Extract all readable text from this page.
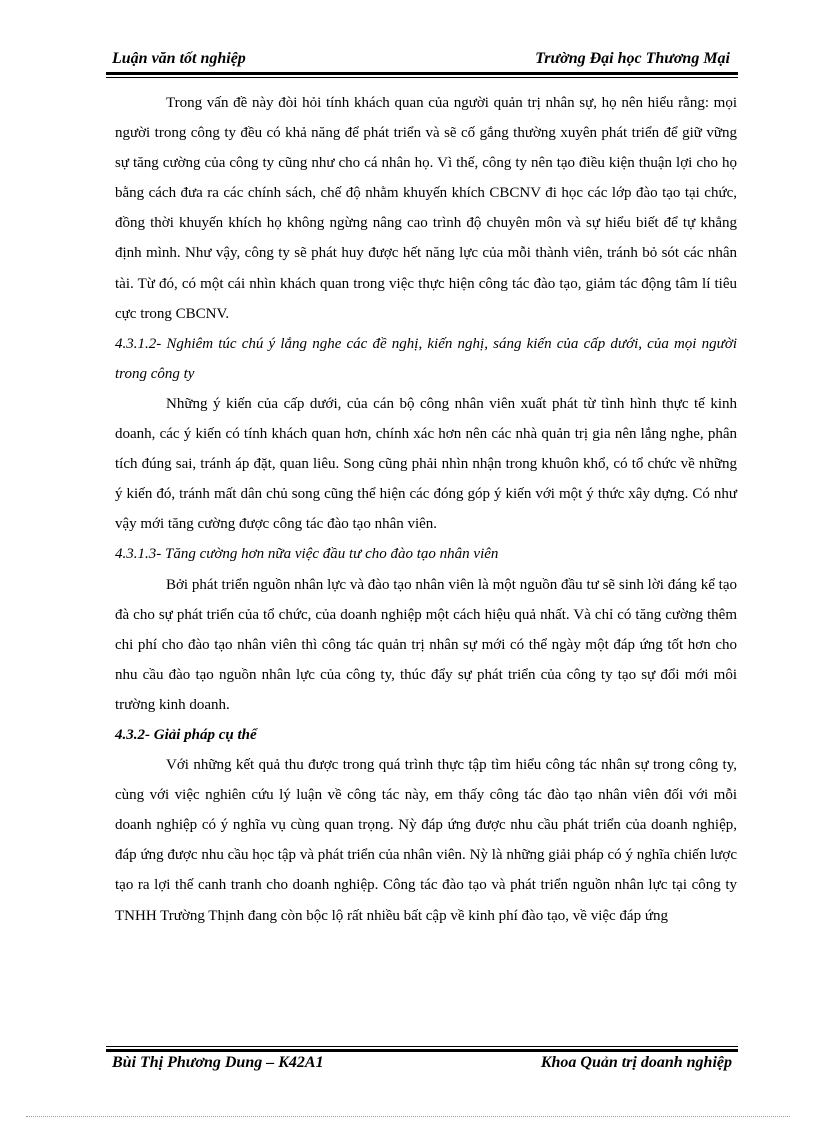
Luận văn tốt nghiệp	Trường Đại học Thương Mại

Trong vấn đề này đòi hỏi tính khách quan của người quản trị nhân sự, họ nên hiểu rằng: mọi người trong công ty đều có khả năng để phát triển và sẽ cố gắng thường xuyên phát triển để giữ vững sự tăng cường của công ty cũng như cho cá nhân họ. Vì thế, công ty nên tạo điều kiện thuận lợi cho họ bằng cách đưa ra các chính sách, chế độ nhằm khuyến khích CBCNV đi học các lớp đào tạo tại chức, đồng thời khuyến khích họ không ngừng nâng cao trình độ chuyên môn và sự hiểu biết để tự khẳng định mình. Như vậy, công ty sẽ phát huy được hết năng lực của mỗi thành viên, tránh bỏ sót các nhân tài. Từ đó, có một cái nhìn khách quan trong việc thực hiện công tác đào tạo, giảm tác động tâm lí tiêu cực trong CBCNV.

4.3.1.2- Nghiêm túc chú ý lắng nghe các đề nghị, kiến nghị, sáng kiến của cấp dưới, của mọi người trong công ty

Những ý kiến của cấp dưới, của cán bộ công nhân viên xuất phát từ tình hình thực tế kinh doanh, các ý kiến có tính khách quan hơn, chính xác hơn nên các nhà quản trị gia nên lắng nghe, phân tích đúng sai, tránh áp đặt, quan liêu. Song cũng phải nhìn nhận trong khuôn khổ, có tổ chức về những ý kiến đó, tránh mất dân chủ song cũng thể hiện các đóng góp ý kiến với một ý thức xây dựng. Có như vậy mới tăng cường được công tác đào tạo nhân viên.

4.3.1.3- Tăng cường hơn nữa việc đầu tư cho đào tạo nhân viên

Bởi phát triển nguồn nhân lực và đào tạo nhân viên là một nguồn đầu tư sẽ sinh lời đáng kể tạo đà cho sự phát triển của tổ chức, của doanh nghiệp một cách hiệu quả nhất. Và chỉ có tăng cường thêm chi phí cho đào tạo nhân viên thì công tác quản trị nhân sự mới có thể ngày một đáp ứng tốt hơn cho nhu cầu đào tạo nguồn nhân lực của công ty, thúc đẩy sự phát triển của công ty tạo sự đổi mới môi trường kinh doanh.

4.3.2- Giải pháp cụ thể

Với những kết quả thu được trong quá trình thực tập tìm hiểu công tác nhân sự trong công ty, cùng với việc nghiên cứu lý luận về công tác này, em thấy công tác đào tạo nhân viên đối với mỗi doanh nghiệp có ý nghĩa vụ cùng quan trọng. Nỳ đáp ứng được nhu cầu phát triển của doanh nghiệp, đáp ứng được nhu cầu học tập và phát triển của nhân viên. Nỳ là những giải pháp có ý nghĩa chiến lược tạo ra lợi thế canh tranh cho doanh nghiệp. Công tác đào tạo và phát triển nguồn nhân lực tại công ty TNHH Trường Thịnh đang còn bộc lộ rất nhiều bất cập về kinh phí đào tạo, về việc đáp ứng

Bùi Thị Phương Dung – K42A1	Khoa Quản trị doanh nghiệp
